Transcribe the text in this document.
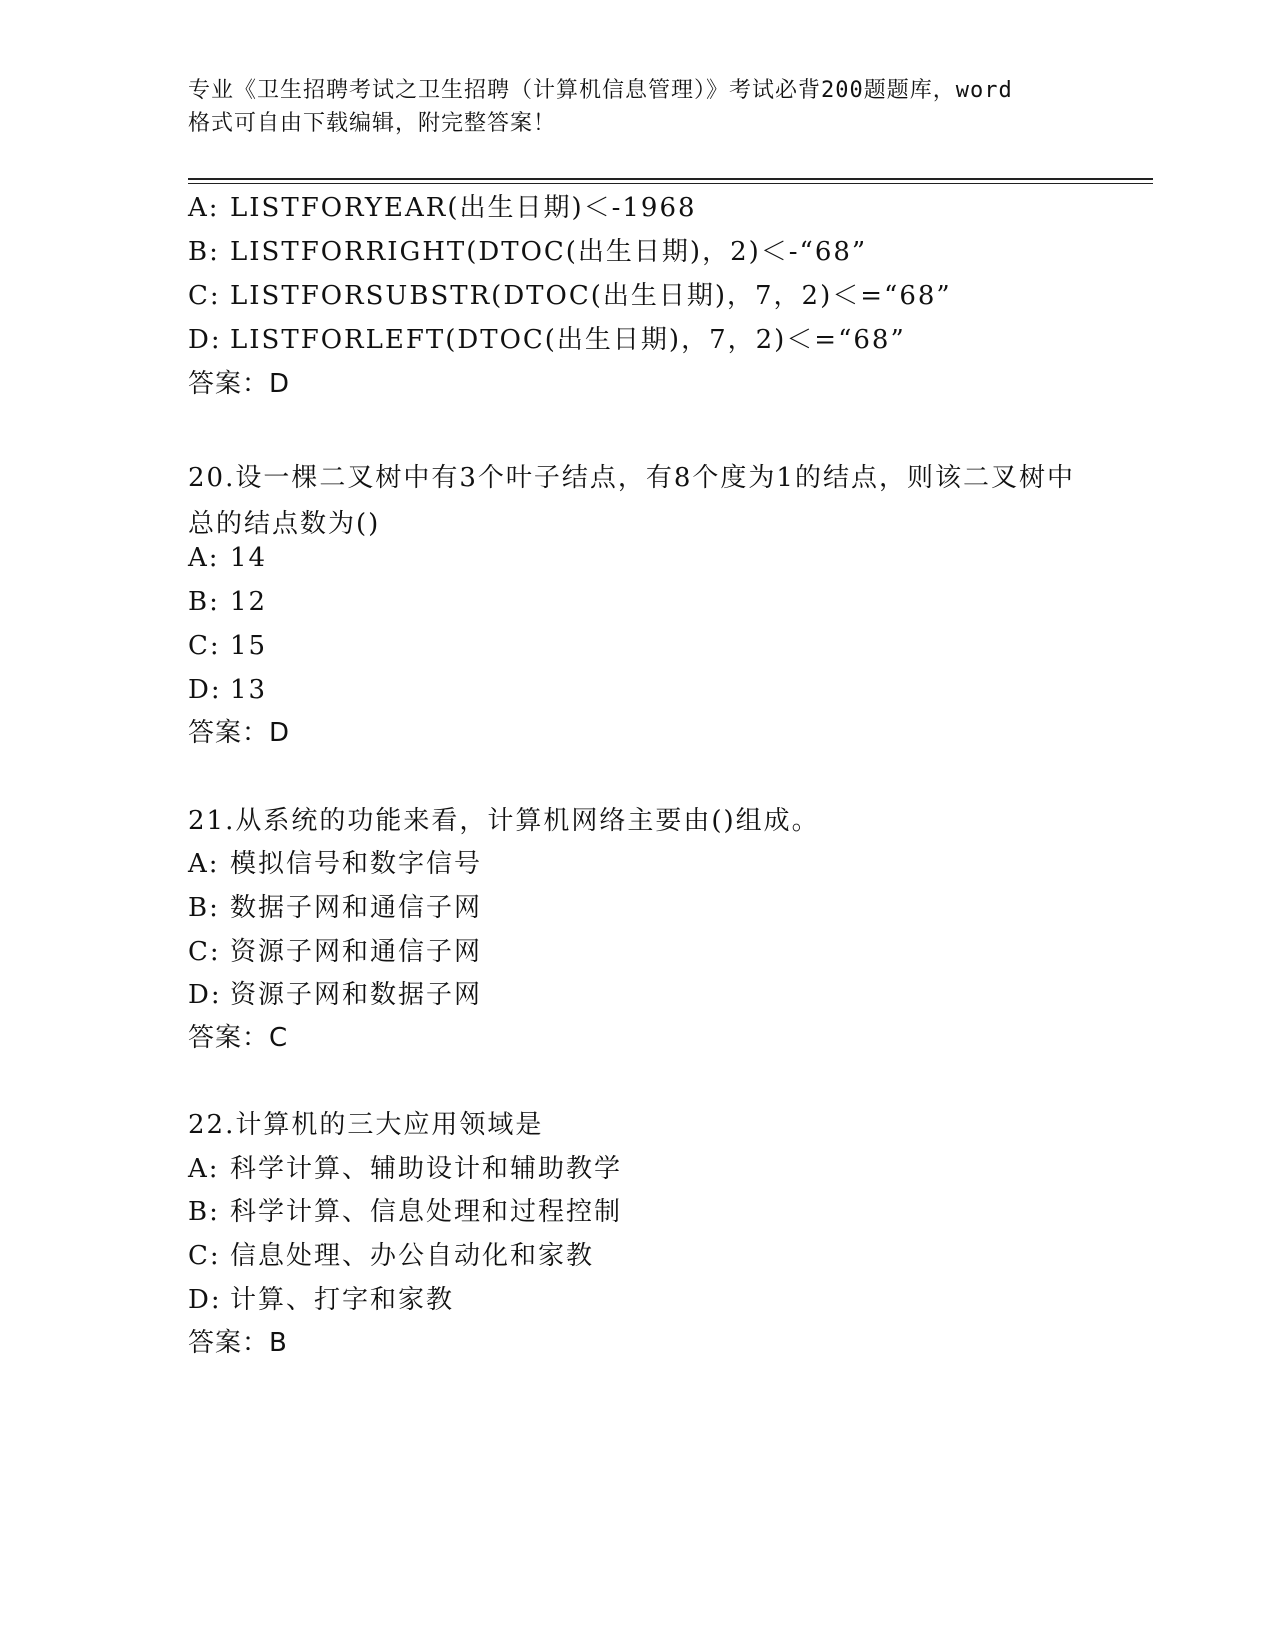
专业《卫生招聘考试之卫生招聘（计算机信息管理）》考试必背200题题库，word
格式可自由下载编辑，附完整答案！
A: LISTFORYEAR(出生日期)＜-1968
B: LISTFORRIGHT(DTOC(出生日期)，2)＜-“68”
C: LISTFORSUBSTR(DTOC(出生日期)，7，2)＜=“68”
D: LISTFORLEFT(DTOC(出生日期)，7，2)＜=“68”
答案：D
20.设一棵二叉树中有3个叶子结点，有8个度为1的结点，则该二叉树中总的结点数为()
A: 14
B: 12
C: 15
D: 13
答案：D
21.从系统的功能来看，计算机网络主要由()组成。
A: 模拟信号和数字信号
B: 数据子网和通信子网
C: 资源子网和通信子网
D: 资源子网和数据子网
答案：C
22.计算机的三大应用领域是
A: 科学计算、辅助设计和辅助教学
B: 科学计算、信息处理和过程控制
C: 信息处理、办公自动化和家教
D: 计算、打字和家教
答案：B
